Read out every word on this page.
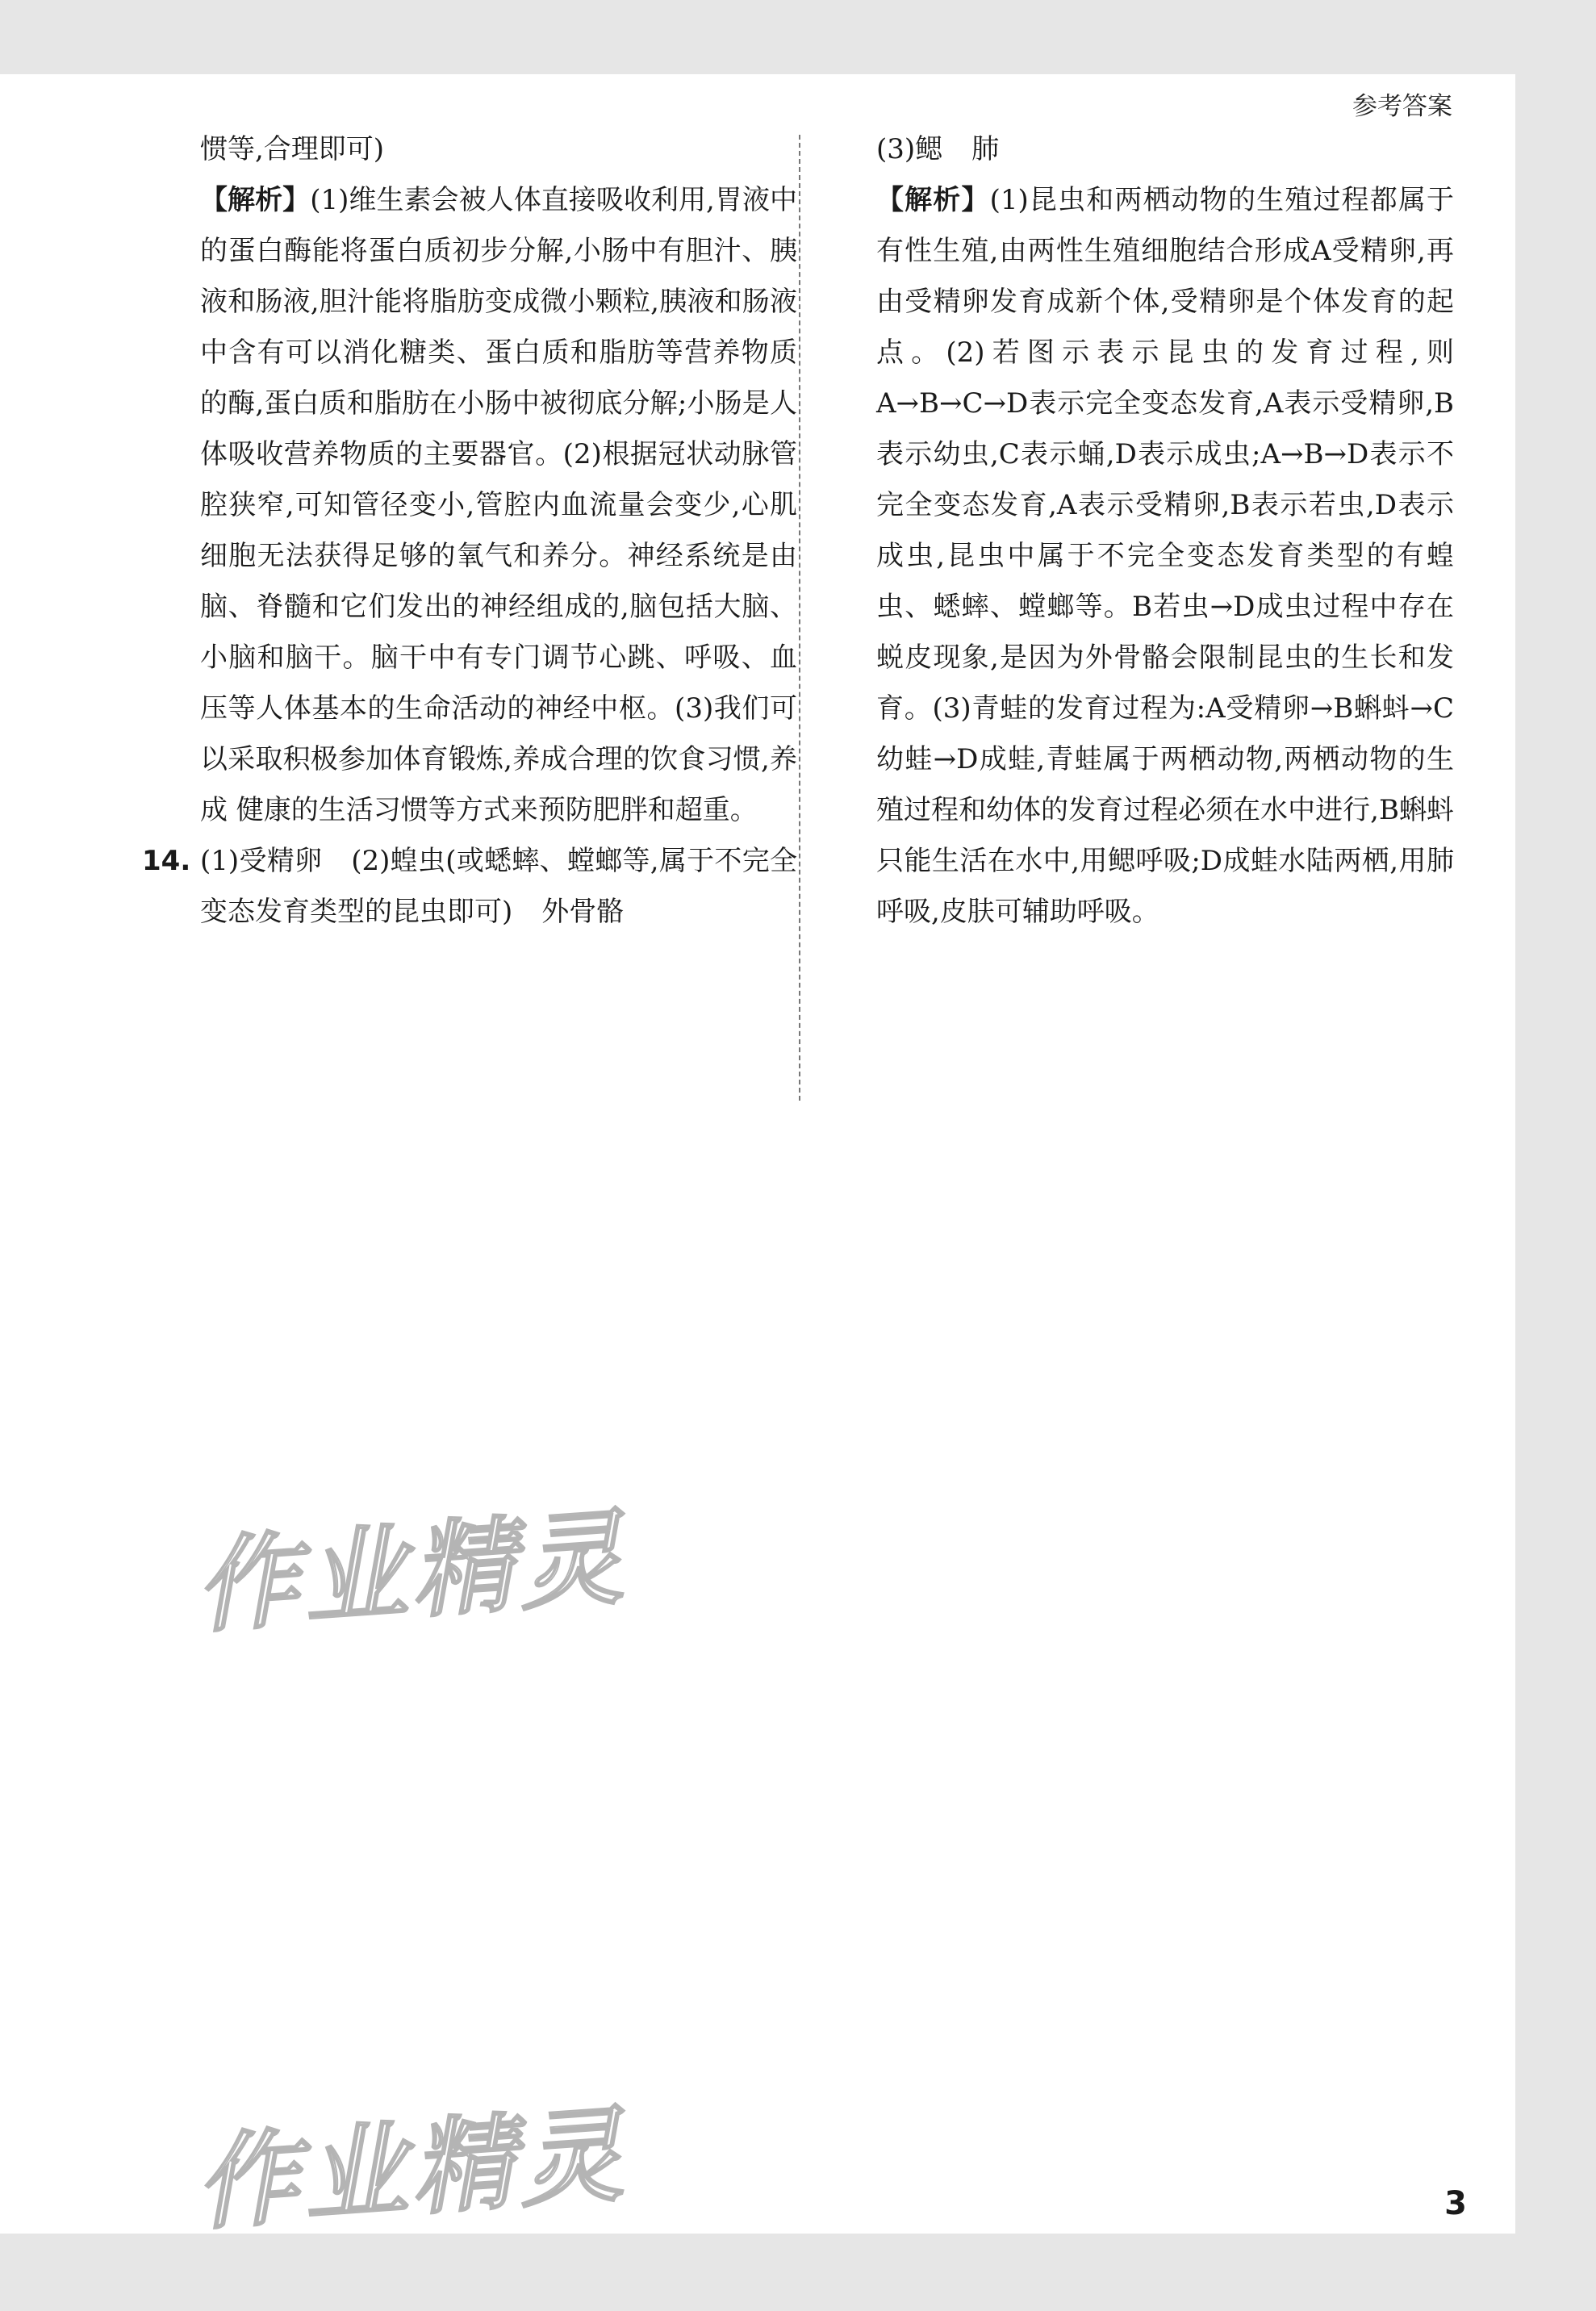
参考答案

惯等,合理即可)

【解析】(1)维生素会被人体直接吸收利用,胃液中的蛋白酶能将蛋白质初步分解,小肠中有胆汁、胰液和肠液,胆汁能将脂肪变成微小颗粒,胰液和肠液中含有可以消化糖类、蛋白质和脂肪等营养物质的酶,蛋白质和脂肪在小肠中被彻底分解;小肠是人体吸收营养物质的主要器官。(2)根据冠状动脉管腔狭窄,可知管径变小,管腔内血流量会变少,心肌细胞无法获得足够的氧气和养分。神经系统是由脑、脊髓和它们发出的神经组成的,脑包括大脑、小脑和脑干。脑干中有专门调节心跳、呼吸、血压等人体基本的生命活动的神经中枢。(3)我们可以采取积极参加体育锻炼,养成合理的饮食习惯,养成 健康的生活习惯等方式来预防肥胖和超重。

14. (1)受精卵 (2)蝗虫(或蟋蟀、螳螂等,属于不完全变态发育类型的昆虫即可) 外骨骼

(3)鳃 肺

【解析】(1)昆虫和两栖动物的生殖过程都属于有性生殖,由两性生殖细胞结合形成A受精卵,再由受精卵发育成新个体,受精卵是个体发育的起点。(2)若图示表示昆虫的发育过程,则A→B→C→D表示完全变态发育,A表示受精卵,B表示幼虫,C表示蛹,D表示成虫;A→B→D表示不完全变态发育,A表示受精卵,B表示若虫,D表示成虫,昆虫中属于不完全变态发育类型的有蝗虫、蟋蟀、螳螂等。B若虫→D成虫过程中存在蜕皮现象,是因为外骨骼会限制昆虫的生长和发育。(3)青蛙的发育过程为:A受精卵→B蝌蚪→C幼蛙→D成蛙,青蛙属于两栖动物,两栖动物的生殖过程和幼体的发育过程必须在水中进行,B蝌蚪只能生活在水中,用鳃呼吸;D成蛙水陆两栖,用肺呼吸,皮肤可辅助呼吸。

作业精灵
作业精灵	3
